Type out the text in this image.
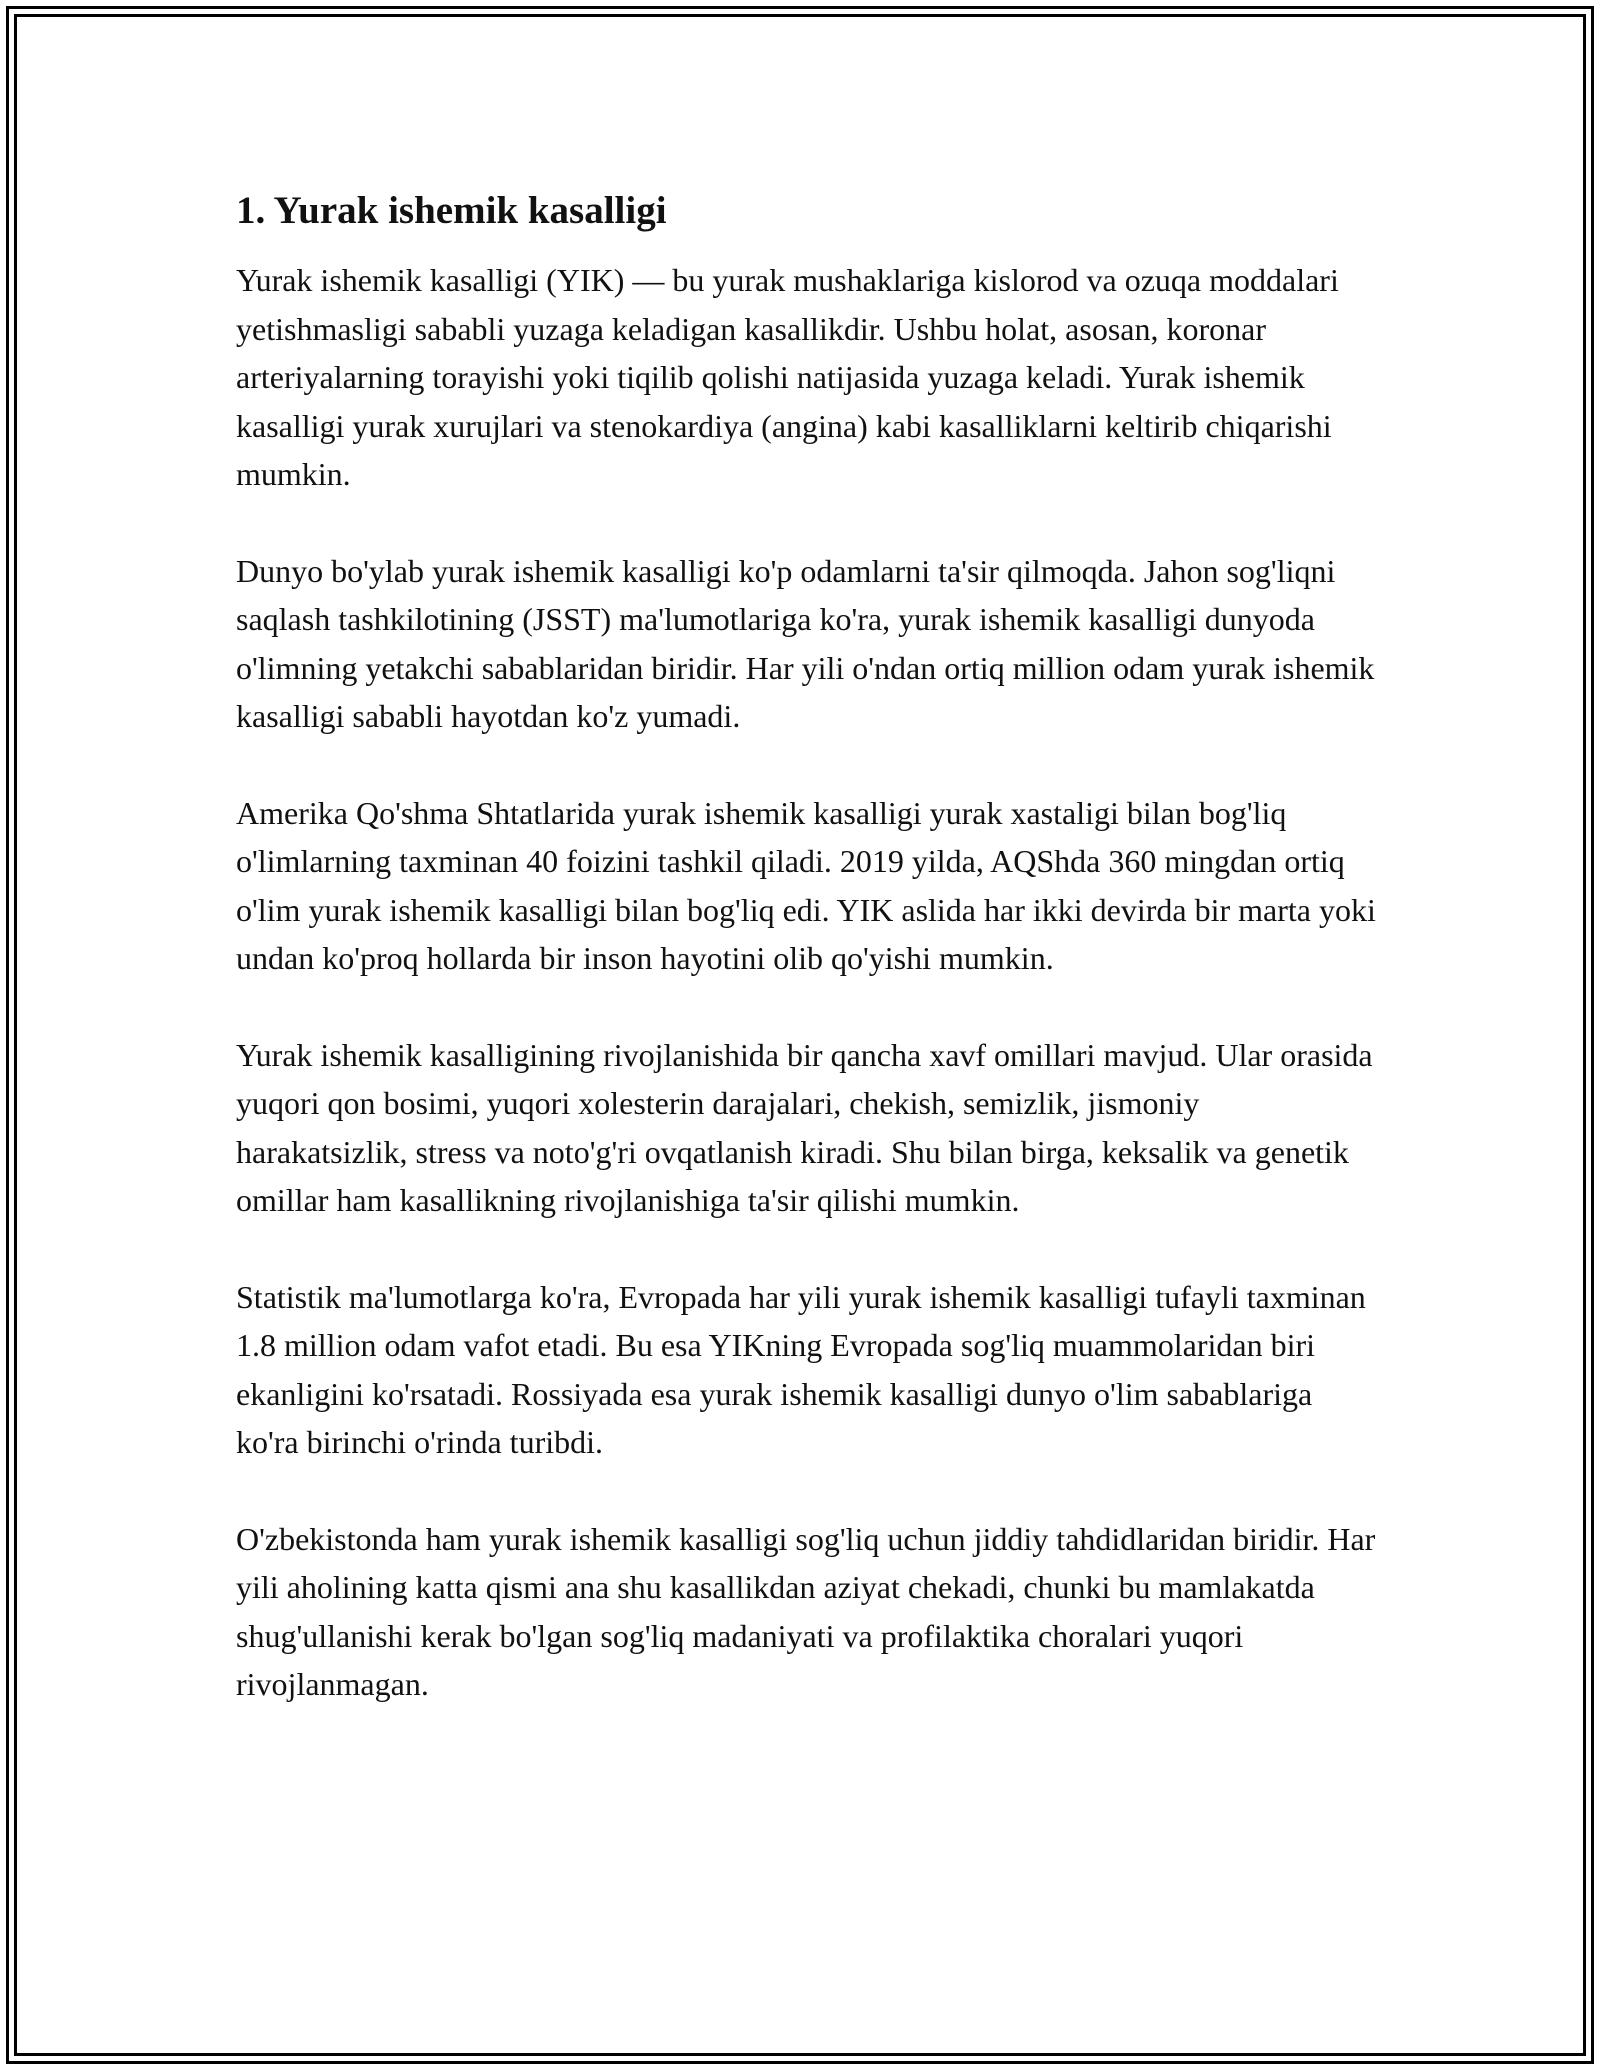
1. Yurak ishemik kasalligi

Yurak ishemik kasalligi (YIK) — bu yurak mushaklariga kislorod va ozuqa moddalari yetishmasligi sababli yuzaga keladigan kasallikdir. Ushbu holat, asosan, koronar arteriyalarning torayishi yoki tiqilib qolishi natijasida yuzaga keladi. Yurak ishemik kasalligi yurak xurujlari va stenokardiya (angina) kabi kasalliklarni keltirib chiqarishi mumkin.

Dunyo bo'ylab yurak ishemik kasalligi ko'p odamlarni ta'sir qilmoqda. Jahon sog'liqni saqlash tashkilotining (JSST) ma'lumotlariga ko'ra, yurak ishemik kasalligi dunyoda o'limning yetakchi sabablaridan biridir. Har yili o'ndan ortiq million odam yurak ishemik kasalligi sababli hayotdan ko'z yumadi.

Amerika Qo'shma Shtatlarida yurak ishemik kasalligi yurak xastaligi bilan bog'liq o'limlarning taxminan 40 foizini tashkil qiladi. 2019 yilda, AQShda 360 mingdan ortiq o'lim yurak ishemik kasalligi bilan bog'liq edi. YIK aslida har ikki devirda bir marta yoki undan ko'proq hollarda bir inson hayotini olib qo'yishi mumkin.

Yurak ishemik kasalligining rivojlanishida bir qancha xavf omillari mavjud. Ular orasida yuqori qon bosimi, yuqori xolesterin darajalari, chekish, semizlik, jismoniy harakatsizlik, stress va noto'g'ri ovqatlanish kiradi. Shu bilan birga, keksalik va genetik omillar ham kasallikning rivojlanishiga ta'sir qilishi mumkin.

Statistik ma'lumotlarga ko'ra, Evropada har yili yurak ishemik kasalligi tufayli taxminan 1.8 million odam vafot etadi. Bu esa YIKning Evropada sog'liq muammolaridan biri ekanligini ko'rsatadi. Rossiyada esa yurak ishemik kasalligi dunyo o'lim sabablariga ko'ra birinchi o'rinda turibdi.

O'zbekistonda ham yurak ishemik kasalligi sog'liq uchun jiddiy tahdidlaridan biridir. Har yili aholining katta qismi ana shu kasallikdan aziyat chekadi, chunki bu mamlakatda shug'ullanishi kerak bo'lgan sog'liq madaniyati va profilaktika choralari yuqori rivojlanmagan.
